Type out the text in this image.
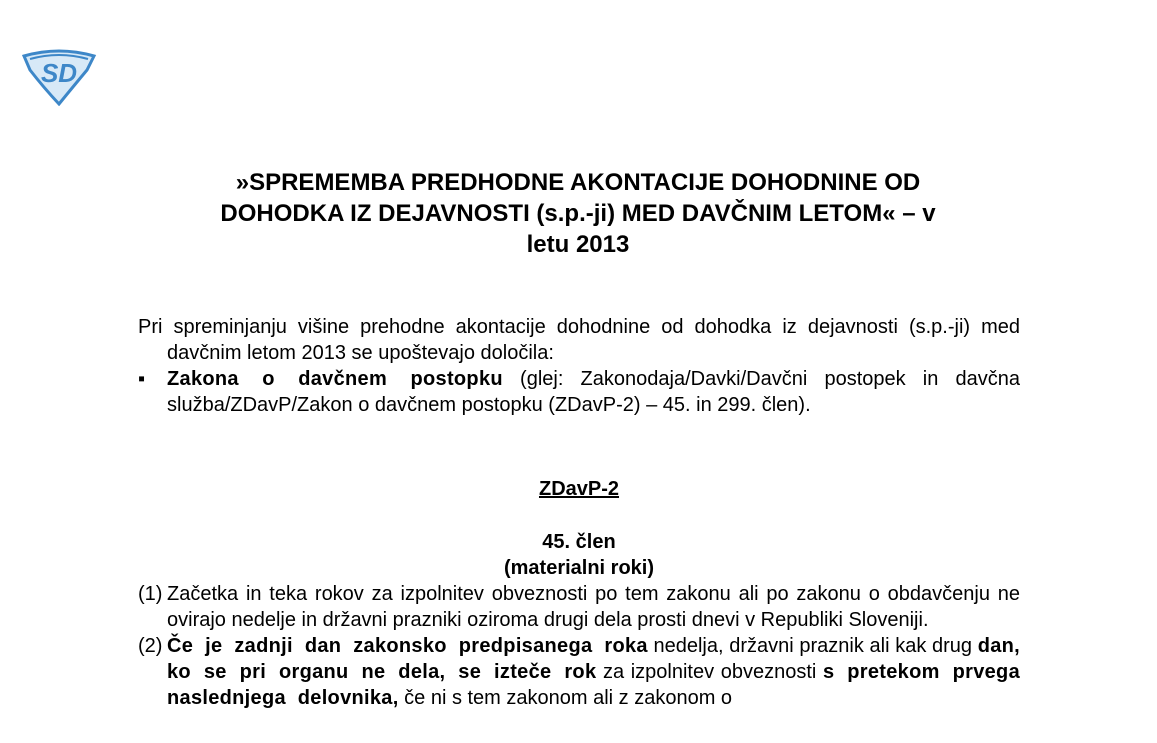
SD
»SPREMEMBA PREDHODNE AKONTACIJE DOHODNINE OD
DOHODKA IZ DEJAVNOSTI (s.p.-ji) MED DAVČNIM LETOM« – v
letu 2013

Pri spreminjanju višine prehodne akontacije dohodnine od dohodka iz dejavnosti (s.p.-ji) med davčnim letom 2013 se upoštevajo določila:

▪	Zakona o davčnem postopku (glej: Zakonodaja/Davki/Davčni postopek in davčna služba/ZDavP/Zakon o davčnem postopku (ZDavP-2) – 45. in 299. člen).
ZDavP-2
45. člen
(materialni roki)
(1) Začetka in teka rokov za izpolnitev obveznosti po tem zakonu ali po zakonu o obdavčenju ne ovirajo nedelje in državni prazniki oziroma drugi dela prosti dnevi v Republiki Sloveniji.
(2) Če je zadnji dan zakonsko predpisanega roka nedelja, državni praznik ali kak drug dan, ko se pri organu ne dela, se izteče rok za izpolnitev obveznosti s pretekom prvega naslednjega delovnika, če ni s tem zakonom ali z zakonom o
